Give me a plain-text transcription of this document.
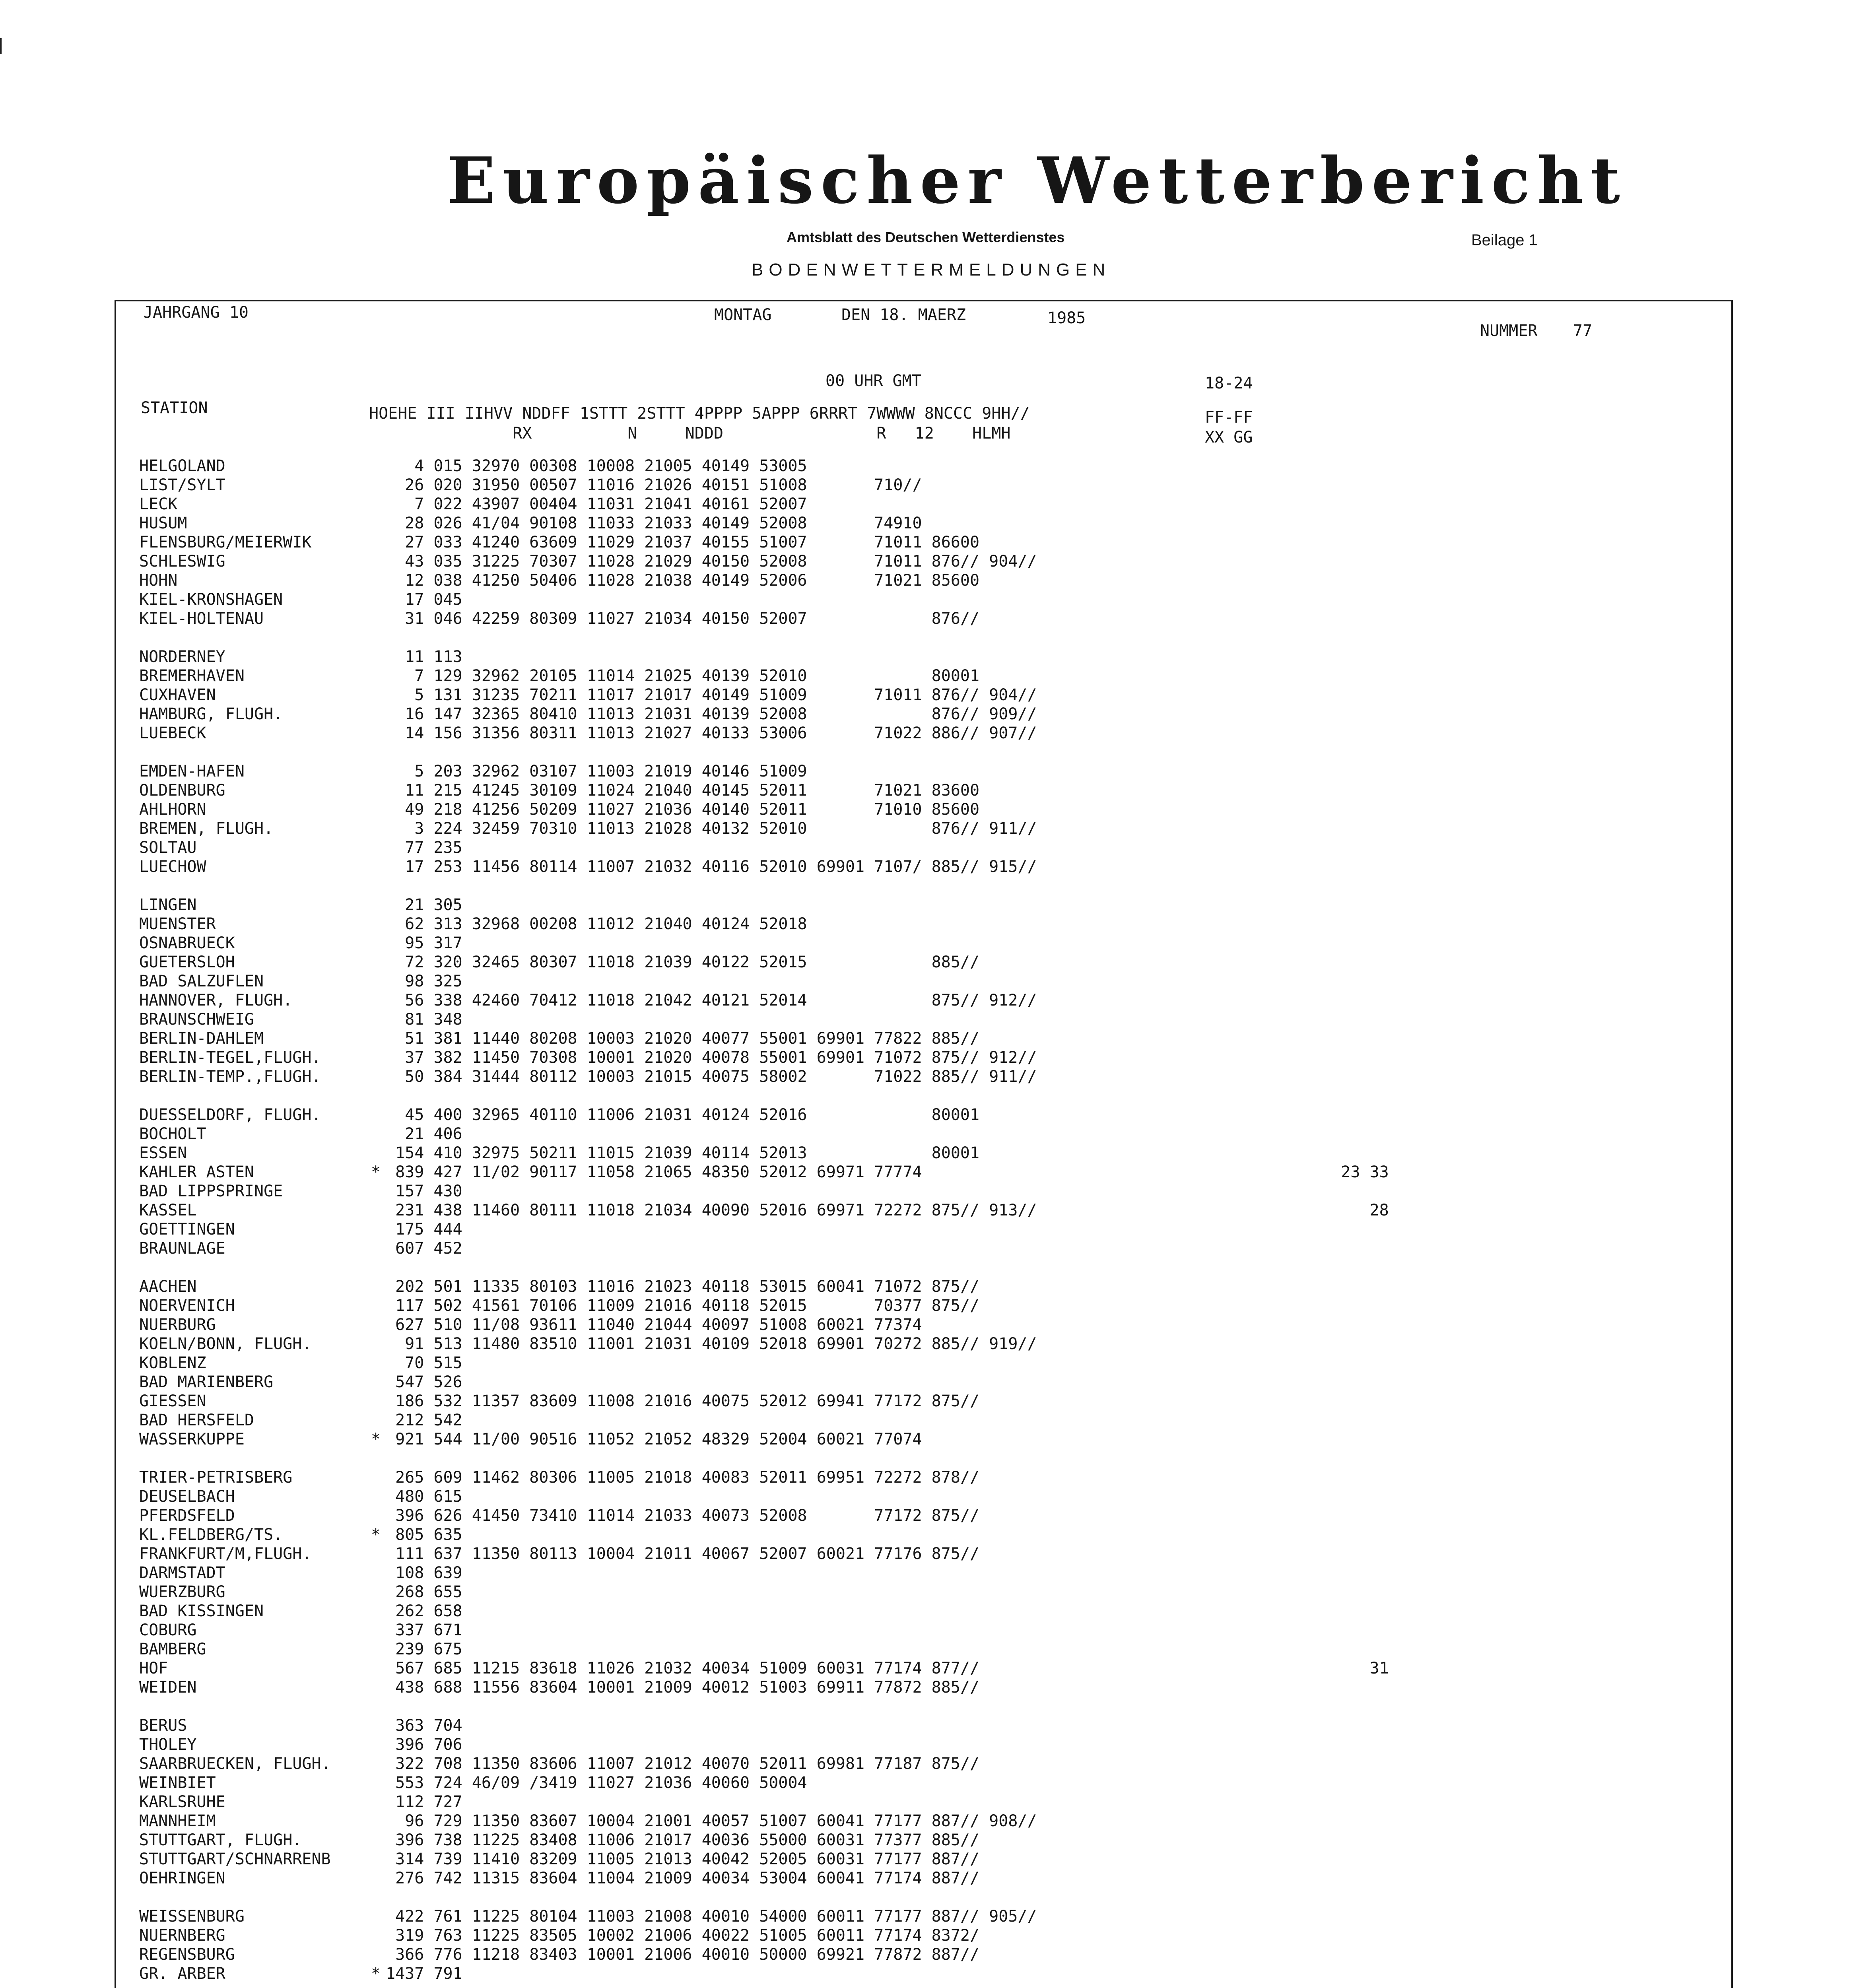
Europäischer Wetterbericht
Amtsblatt des Deutschen Wetterdienstes	Beilage 1
BODENWETTERMELDUNGEN
JAHRGANG 10	MONTAG	DEN 18. MAERZ	1985
NUMMER 77
00 UHR GMT	18-24
STATION	HOEHE III IIHVV NDDFF 1STTT 2STTT 4PPPP 5APPP 6RRRT 7WWWW 8NCCC 9HH//
RX          N     NDDD                R   12    HLMH
FF-FF
XX GG
HELGOLAND	4 015 32970 00308 10008 21005 40149 53005
LIST/SYLT	26 020 31950 00507 11016 21026 40151 51008       710//
LECK	7 022 43907 00404 11031 21041 40161 52007
HUSUM	28 026 41/04 90108 11033 21033 40149 52008       74910
FLENSBURG/MEIERWIK	27 033 41240 63609 11029 21037 40155 51007       71011 86600
SCHLESWIG	43 035 31225 70307 11028 21029 40150 52008       71011 876// 904//
HOHN	12 038 41250 50406 11028 21038 40149 52006       71021 85600
KIEL-KRONSHAGEN	17 045
KIEL-HOLTENAU	31 046 42259 80309 11027 21034 40150 52007             876//
NORDERNEY	11 113
BREMERHAVEN	7 129 32962 20105 11014 21025 40139 52010             80001
CUXHAVEN	5 131 31235 70211 11017 21017 40149 51009       71011 876// 904//
HAMBURG, FLUGH.	16 147 32365 80410 11013 21031 40139 52008             876// 909//
LUEBECK	14 156 31356 80311 11013 21027 40133 53006       71022 886// 907//
EMDEN-HAFEN	5 203 32962 03107 11003 21019 40146 51009
OLDENBURG	11 215 41245 30109 11024 21040 40145 52011       71021 83600
AHLHORN	49 218 41256 50209 11027 21036 40140 52011       71010 85600
BREMEN, FLUGH.	3 224 32459 70310 11013 21028 40132 52010             876// 911//
SOLTAU	77 235
LUECHOW	17 253 11456 80114 11007 21032 40116 52010 69901 7107/ 885// 915//
LINGEN	21 305
MUENSTER	62 313 32968 00208 11012 21040 40124 52018
OSNABRUECK	95 317
GUETERSLOH	72 320 32465 80307 11018 21039 40122 52015             885//
BAD SALZUFLEN	98 325
HANNOVER, FLUGH.	56 338 42460 70412 11018 21042 40121 52014             875// 912//
BRAUNSCHWEIG	81 348
BERLIN-DAHLEM	51 381 11440 80208 10003 21020 40077 55001 69901 77822 885//
BERLIN-TEGEL,FLUGH.	37 382 11450 70308 10001 21020 40078 55001 69901 71072 875// 912//
BERLIN-TEMP.,FLUGH.	50 384 31444 80112 10003 21015 40075 58002       71022 885// 911//
DUESSELDORF, FLUGH.	45 400 32965 40110 11006 21031 40124 52016             80001
BOCHOLT	21 406
ESSEN	154 410 32975 50211 11015 21039 40114 52013             80001
KAHLER ASTEN	* 839 427 11/02 90117 11058 21065 48350 52012 69971 77774	23 33
BAD LIPPSPRINGE	157 430
KASSEL	231 438 11460 80111 11018 21034 40090 52016 69971 72272 875// 913//	28
GOETTINGEN	175 444
BRAUNLAGE	607 452
AACHEN	202 501 11335 80103 11016 21023 40118 53015 60041 71072 875//
NOERVENICH	117 502 41561 70106 11009 21016 40118 52015       70377 875//
NUERBURG	627 510 11/08 93611 11040 21044 40097 51008 60021 77374
KOELN/BONN, FLUGH.	91 513 11480 83510 11001 21031 40109 52018 69901 70272 885// 919//
KOBLENZ	70 515
BAD MARIENBERG	547 526
GIESSEN	186 532 11357 83609 11008 21016 40075 52012 69941 77172 875//
BAD HERSFELD	212 542
WASSERKUPPE	* 921 544 11/00 90516 11052 21052 48329 52004 60021 77074
TRIER-PETRISBERG	265 609 11462 80306 11005 21018 40083 52011 69951 72272 878//
DEUSELBACH	480 615
PFERDSFELD	396 626 41450 73410 11014 21033 40073 52008       77172 875//
KL.FELDBERG/TS.	* 805 635
FRANKFURT/M,FLUGH.	111 637 11350 80113 10004 21011 40067 52007 60021 77176 875//
DARMSTADT	108 639
WUERZBURG	268 655
BAD KISSINGEN	262 658
COBURG	337 671
BAMBERG	239 675
HOF	567 685 11215 83618 11026 21032 40034 51009 60031 77174 877//	31
WEIDEN	438 688 11556 83604 10001 21009 40012 51003 69911 77872 885//
BERUS	363 704
THOLEY	396 706
SAARBRUECKEN, FLUGH.	322 708 11350 83606 11007 21012 40070 52011 69981 77187 875//
WEINBIET	553 724 46/09 /3419 11027 21036 40060 50004
KARLSRUHE	112 727
MANNHEIM	96 729 11350 83607 10004 21001 40057 51007 60041 77177 887// 908//
STUTTGART, FLUGH.	396 738 11225 83408 11006 21017 40036 55000 60031 77377 885//
STUTTGART/SCHNARRENB	314 739 11410 83209 11005 21013 40042 52005 60031 77177 887//
OEHRINGEN	276 742 11315 83604 11004 21009 40034 53004 60041 77174 887//
WEISSENBURG	422 761 11225 80104 11003 21008 40010 54000 60011 77177 887// 905//
NUERNBERG	319 763 11225 83505 10002 21006 40022 51005 60011 77174 8372/
REGENSBURG	366 776 11218 83403 10001 21006 40010 50000 69921 77872 887//
GR. ARBER	* 1437 791
